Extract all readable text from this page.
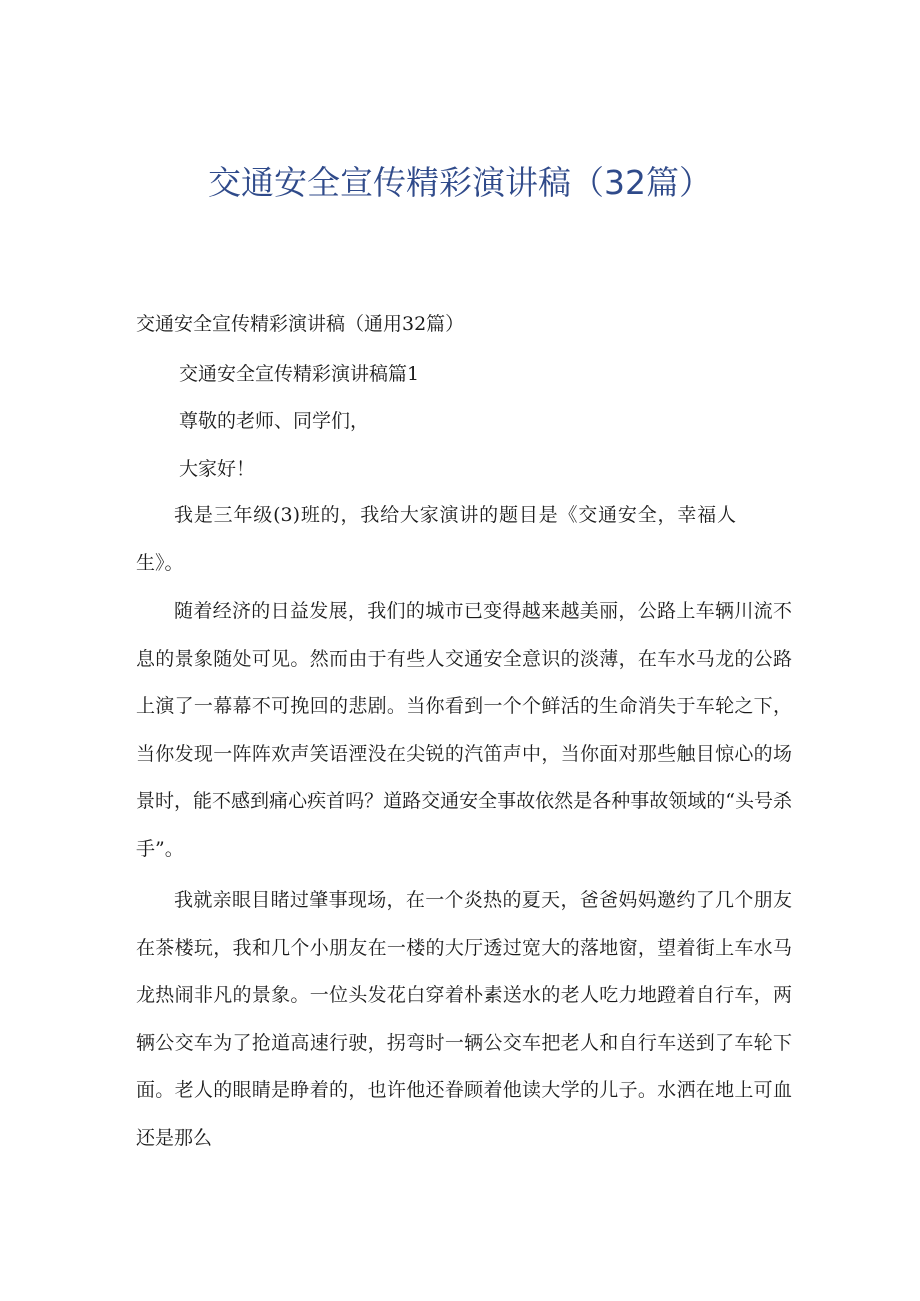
交通安全宣传精彩演讲稿（32篇）
交通安全宣传精彩演讲稿（通用32篇）
交通安全宣传精彩演讲稿篇1
尊敬的老师、同学们，
大家好！
我是三年级(3)班的，我给大家演讲的题目是《交通安全，幸福人生》。
随着经济的日益发展，我们的城市已变得越来越美丽，公路上车辆川流不息的景象随处可见。然而由于有些人交通安全意识的淡薄，在车水马龙的公路上演了一幕幕不可挽回的悲剧。当你看到一个个鲜活的生命消失于车轮之下，当你发现一阵阵欢声笑语湮没在尖锐的汽笛声中，当你面对那些触目惊心的场景时，能不感到痛心疾首吗？道路交通安全事故依然是各种事故领域的“头号杀手”。
我就亲眼目睹过肇事现场，在一个炎热的夏天，爸爸妈妈邀约了几个朋友在茶楼玩，我和几个小朋友在一楼的大厅透过宽大的落地窗，望着街上车水马龙热闹非凡的景象。一位头发花白穿着朴素送水的老人吃力地蹬着自行车，两辆公交车为了抢道高速行驶，拐弯时一辆公交车把老人和自行车送到了车轮下面。老人的眼睛是睁着的，也许他还眷顾着他读大学的儿子。水洒在地上可血还是那么
